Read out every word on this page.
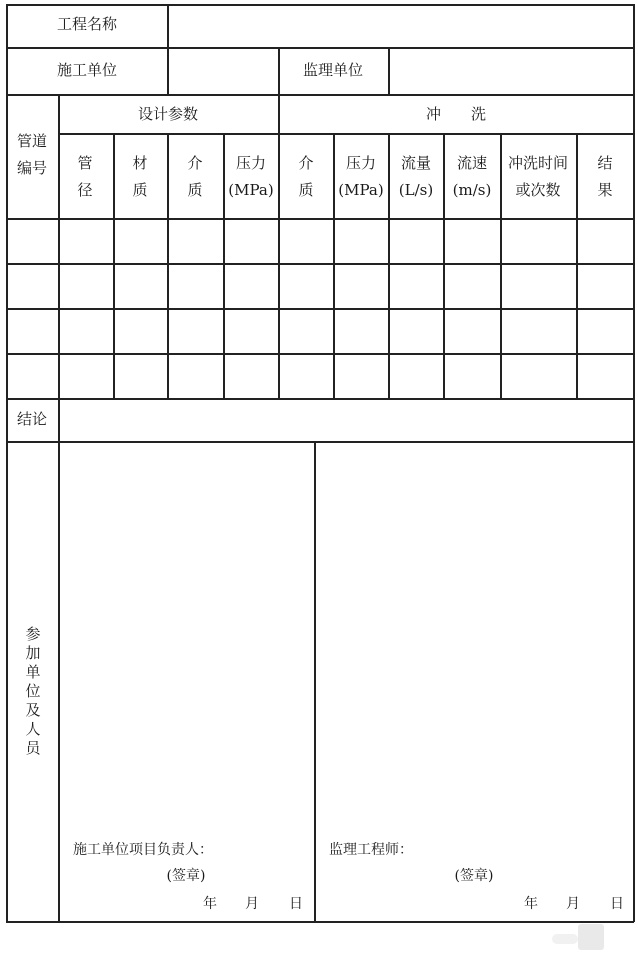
工程名称
施工单位	监理单位
管道
编号
设计参数	冲　　洗
管
径
材
质
介
质
压力
(MPa)
介
质
压力
(MPa)
流量
(L/s)
流速
(m/s)
冲洗时间
或次数
结
果
结论
参
加
单
位
及
人
员
施工单位项目负责人：
(签章)
年 月 日
监理工程师：
(签章)
年 月 日
